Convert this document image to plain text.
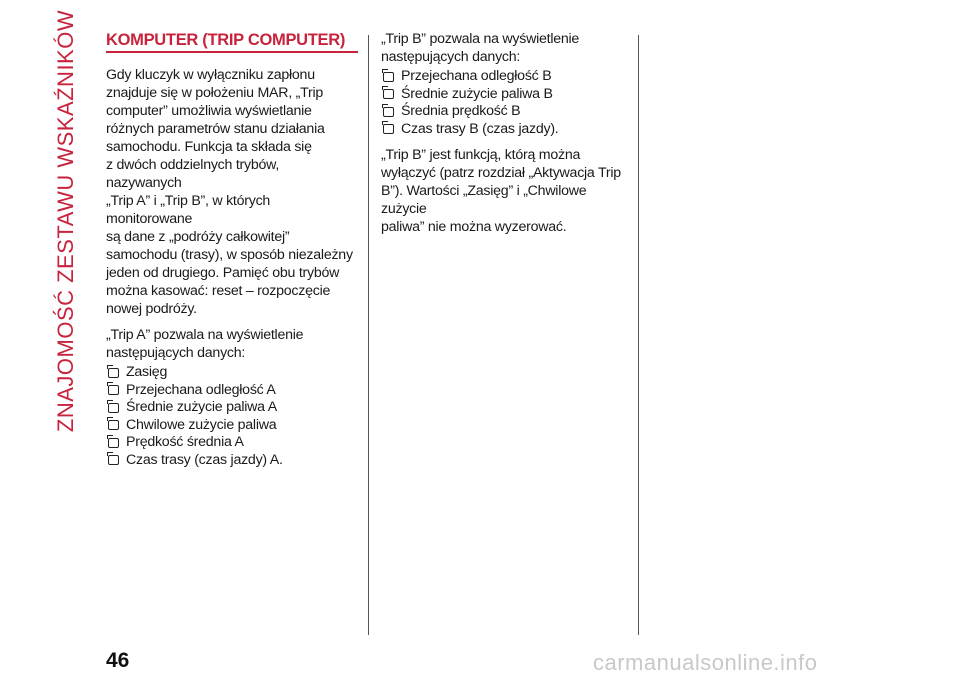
ZNAJOMOŚĆ ZESTAWU WSKAŹNIKÓW KOMPUTER (TRIP COMPUTER)

Gdy kluczyk w wyłączniku zapłonu
znajduje się w położeniu MAR, „Trip
computer” umożliwia wyświetlanie
różnych parametrów stanu działania
samochodu. Funkcja ta składa się
z dwóch oddzielnych trybów, nazywanych
„Trip A” i „Trip B”, w których monitorowane
są dane z „podróży całkowitej”
samochodu (trasy), w sposób niezależny
jeden od drugiego. Pamięć obu trybów
można kasować: reset – rozpoczęcie
nowej podróży.

„Trip A” pozwala na wyświetlenie
następujących danych:

Zasięg
Przejechana odległość A
Średnie zużycie paliwa A
Chwilowe zużycie paliwa
Prędkość średnia A
Czas trasy (czas jazdy) A.

„Trip B” pozwala na wyświetlenie
następujących danych:

Przejechana odległość B
Średnie zużycie paliwa B
Średnia prędkość B
Czas trasy B (czas jazdy).

„Trip B” jest funkcją, którą można
wyłączyć (patrz rozdział „Aktywacja Trip
B”). Wartości „Zasięg” i „Chwilowe zużycie
paliwa” nie można wyzerować.

46	carmanualsonline.info
